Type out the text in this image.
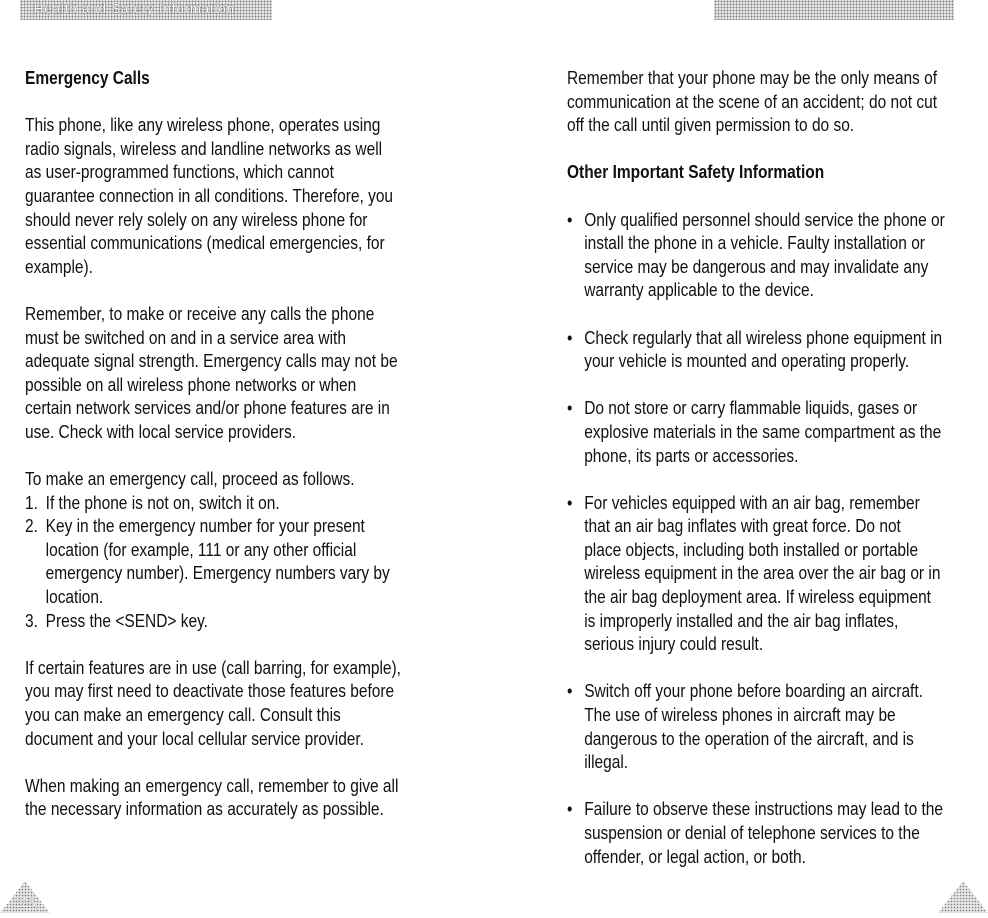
Health and Safety Information

Emergency Calls

This phone, like any wireless phone, operates using

radio signals, wireless and landline networks as well

as user-programmed functions, which cannot

guarantee connection in all conditions. Therefore, you

should never rely solely on any wireless phone for

essential communications (medical emergencies, for

example).

Remember, to make or receive any calls the phone

must be switched on and in a service area with

adequate signal strength. Emergency calls may not be

possible on all wireless phone networks or when

certain network services and/or phone features are in

use. Check with local service providers.

To make an emergency call, proceed as follows.

1. If the phone is not on, switch it on.
2. Key in the emergency number for your present
location (for example, 111 or any other official
emergency number). Emergency numbers vary by
location.
3. Press the <SEND> key.

If certain features are in use (call barring, for example),

you may first need to deactivate those features before

you can make an emergency call. Consult this

document and your local cellular service provider.

When making an emergency call, remember to give all

the necessary information as accurately as possible.

Remember that your phone may be the only means of

communication at the scene of an accident; do not cut

off the call until given permission to do so.

Other Important Safety Information

• Only qualified personnel should service the phone or
install the phone in a vehicle. Faulty installation or
service may be dangerous and may invalidate any
warranty applicable to the device.
• Check regularly that all wireless phone equipment in
your vehicle is mounted and operating properly.
• Do not store or carry flammable liquids, gases or
explosive materials in the same compartment as the
phone, its parts or accessories.
• For vehicles equipped with an air bag, remember
that an air bag inflates with great force. Do not
place objects, including both installed or portable
wireless equipment in the area over the air bag or in
the air bag deployment area. If wireless equipment
is improperly installed and the air bag inflates,
serious injury could result.
• Switch off your phone before boarding an aircraft.
The use of wireless phones in aircraft may be
dangerous to the operation of the aircraft, and is
illegal.
• Failure to observe these instructions may lead to the
suspension or denial of telephone services to the
offender, or legal action, or both.
126
